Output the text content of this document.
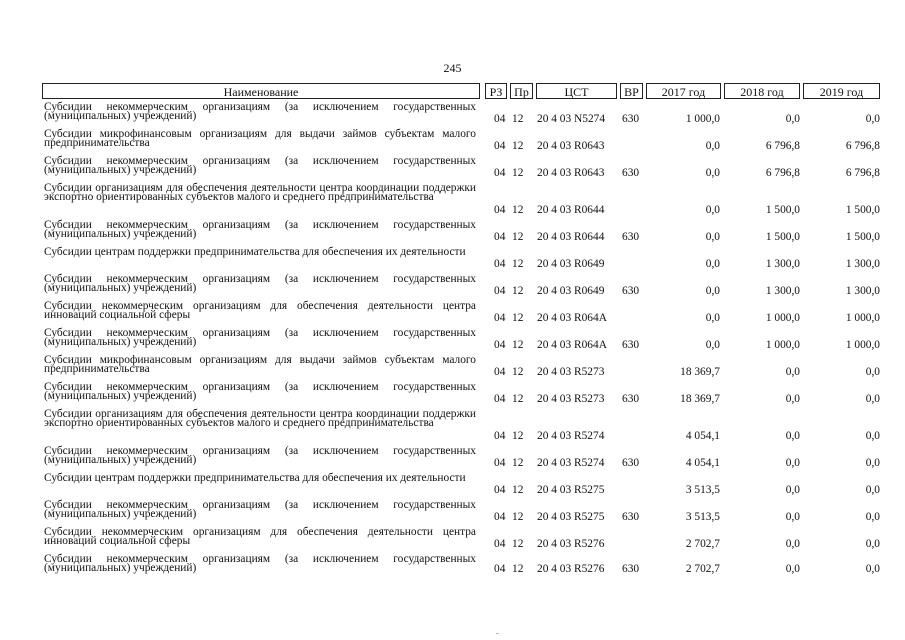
245
Наименование	РЗ Пр	ЦСТ	ВР	2017 год	2018 год	2019 год
Субсидии некоммерческим организациям (за исключением государственных (муниципальных) учреждений)	04 12 20 4 03 N5274 630	1 000,0	0,0	0,0
Субсидии микрофинансовым организациям для выдачи займов субъектам малого предпринимательства	04 12 20 4 03 R0643	0,0	6 796,8	6 796,8
Субсидии некоммерческим организациям (за исключением государственных (муниципальных) учреждений)	04 12 20 4 03 R0643 630	0,0	6 796,8	6 796,8
Субсидии организациям для обеспечения деятельности центра координации поддержки экспортно ориентированных субъектов малого и среднего предпринимательства
04 12 20 4 03 R0644	0,0	1 500,0	1 500,0
Субсидии некоммерческим организациям (за исключением государственных (муниципальных) учреждений)	04 12 20 4 03 R0644 630	0,0	1 500,0	1 500,0
Субсидии центрам поддержки предпринимательства для обеспечения их деятельности
04 12 20 4 03 R0649	0,0	1 300,0	1 300,0
Субсидии некоммерческим организациям (за исключением государственных (муниципальных) учреждений)	04 12 20 4 03 R0649 630	0,0	1 300,0	1 300,0
Субсидии некоммерческим организациям для обеспечения деятельности центра инноваций социальной сферы	04 12 20 4 03 R064A	0,0	1 000,0	1 000,0
Субсидии некоммерческим организациям (за исключением государственных (муниципальных) учреждений)	04 12 20 4 03 R064A 630	0,0	1 000,0	1 000,0
Субсидии микрофинансовым организациям для выдачи займов субъектам малого предпринимательства	04 12 20 4 03 R5273	18 369,7	0,0	0,0
Субсидии некоммерческим организациям (за исключением государственных (муниципальных) учреждений)	04 12 20 4 03 R5273 630	18 369,7	0,0	0,0
Субсидии организациям для обеспечения деятельности центра координации поддержки экспортно ориентированных субъектов малого и среднего предпринимательства
04 12 20 4 03 R5274	4 054,1	0,0	0,0
Субсидии некоммерческим организациям (за исключением государственных (муниципальных) учреждений)	04 12 20 4 03 R5274 630	4 054,1	0,0	0,0
Субсидии центрам поддержки предпринимательства для обеспечения их деятельности
04 12 20 4 03 R5275	3 513,5	0,0	0,0
Субсидии некоммерческим организациям (за исключением государственных (муниципальных) учреждений)	04 12 20 4 03 R5275 630	3 513,5	0,0	0,0
Субсидии некоммерческим организациям для обеспечения деятельности центра инноваций социальной сферы	04 12 20 4 03 R5276	2 702,7	0,0	0,0
Субсидии некоммерческим организациям (за исключением государственных (муниципальных) учреждений)	04 12 20 4 03 R5276 630	2 702,7	0,0	0,0
